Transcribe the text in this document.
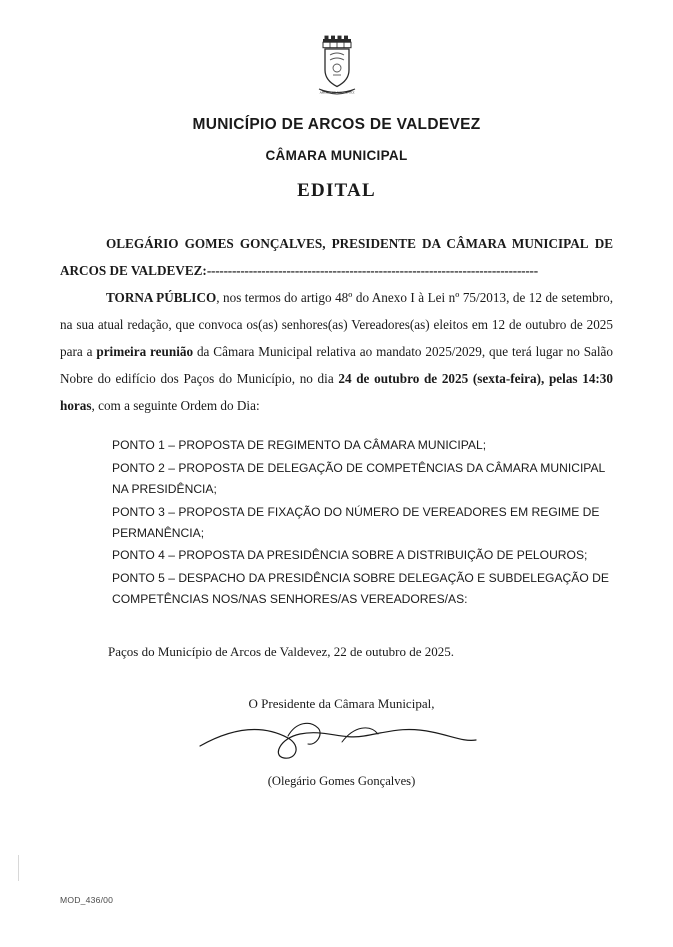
ARCOS DE VALDEVEZ
MUNICÍPIO DE ARCOS DE VALDEVEZ
CÂMARA MUNICIPAL
EDITAL

OLEGÁRIO GOMES GONÇALVES, PRESIDENTE DA CÂMARA MUNICIPAL DE ARCOS DE VALDEVEZ:-------------------------------------------------------------------------------

TORNA PÚBLICO, nos termos do artigo 48º do Anexo I à Lei nº 75/2013, de 12 de setembro, na sua atual redação, que convoca os(as) senhores(as) Vereadores(as) eleitos em 12 de outubro de 2025 para a primeira reunião da Câmara Municipal relativa ao mandato 2025/2029, que terá lugar no Salão Nobre do edifício dos Paços do Município, no dia 24 de outubro de 2025 (sexta-feira), pelas 14:30 horas, com a seguinte Ordem do Dia:

PONTO 1 – PROPOSTA DE REGIMENTO DA CÂMARA MUNICIPAL;

PONTO 2 – PROPOSTA DE DELEGAÇÃO DE COMPETÊNCIAS DA CÂMARA MUNICIPAL NA PRESIDÊNCIA;

PONTO 3 – PROPOSTA DE FIXAÇÃO DO NÚMERO DE VEREADORES EM REGIME DE PERMANÊNCIA;

PONTO 4 – PROPOSTA DA PRESIDÊNCIA SOBRE A DISTRIBUIÇÃO DE PELOUROS;

PONTO 5 – DESPACHO DA PRESIDÊNCIA SOBRE DELEGAÇÃO E SUBDELEGAÇÃO DE COMPETÊNCIAS NOS/NAS SENHORES/AS VEREADORES/AS:

Paços do Município de Arcos de Valdevez, 22 de outubro de 2025.
O Presidente da Câmara Municipal,
(Olegário Gomes Gonçalves)
MOD_436/00
